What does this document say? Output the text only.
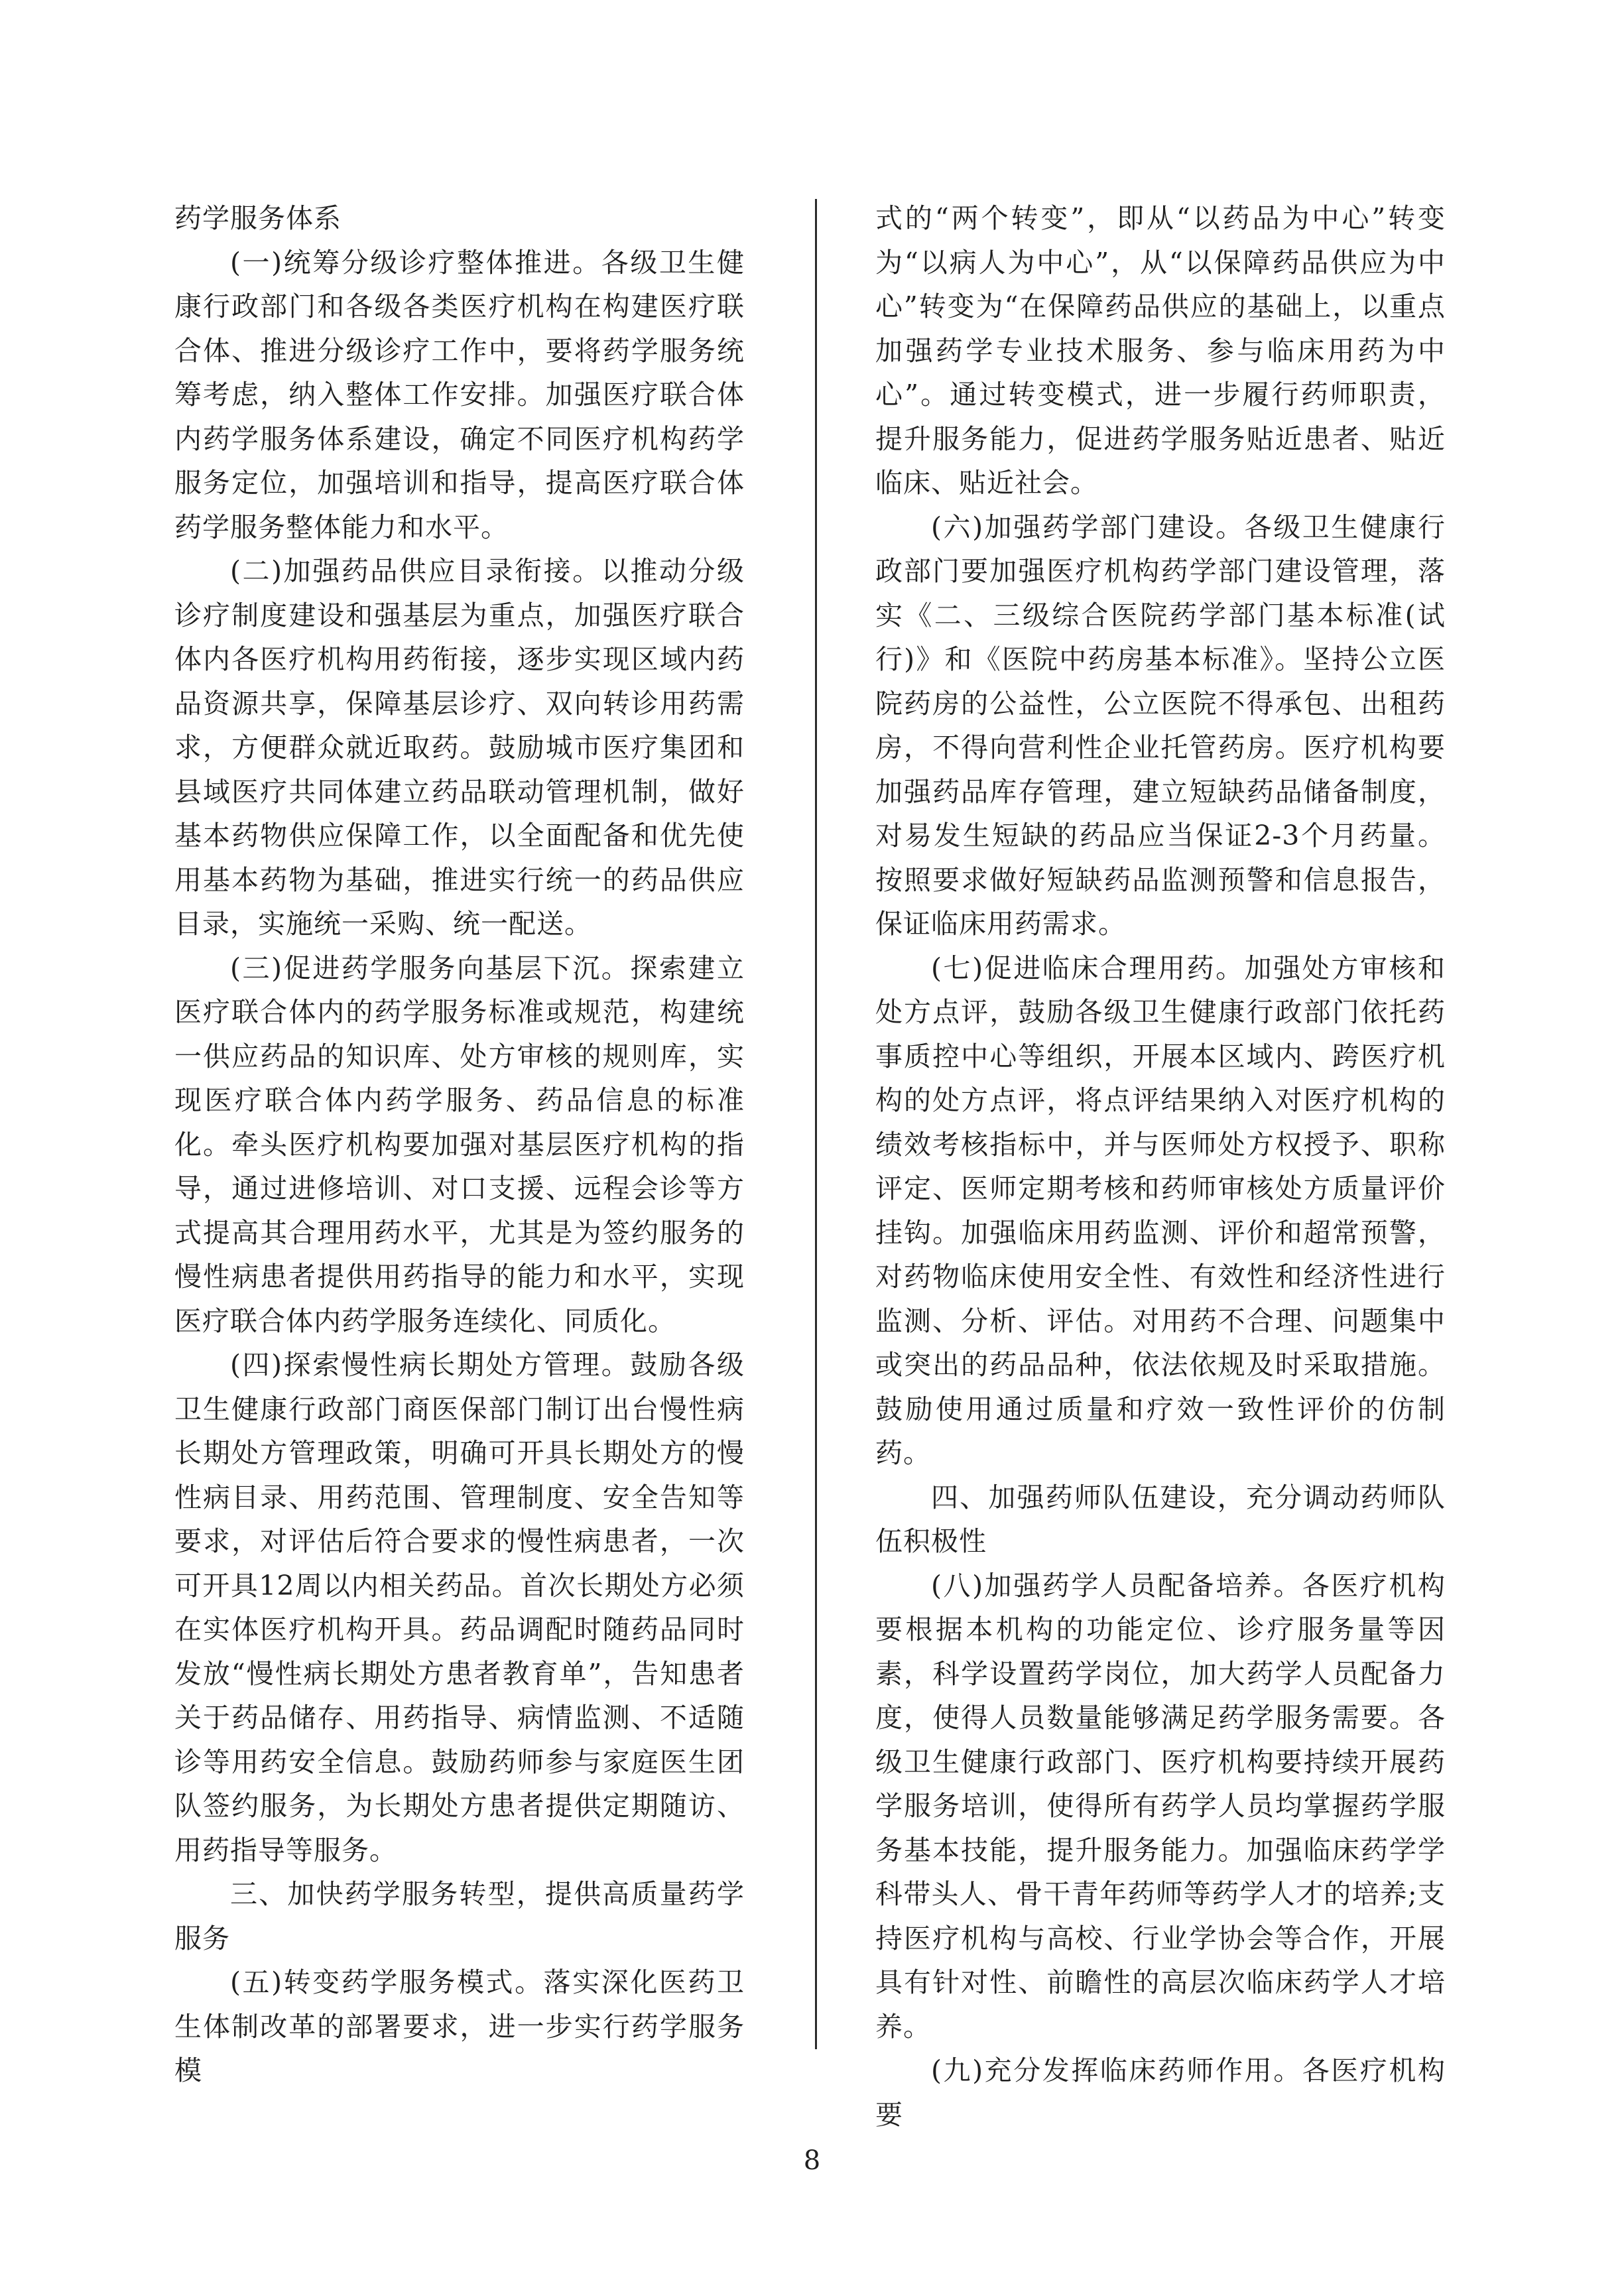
药学服务体系

(一)统筹分级诊疗整体推进。各级卫生健康行政部门和各级各类医疗机构在构建医疗联合体、推进分级诊疗工作中，要将药学服务统筹考虑，纳入整体工作安排。加强医疗联合体内药学服务体系建设，确定不同医疗机构药学服务定位，加强培训和指导，提高医疗联合体药学服务整体能力和水平。

(二)加强药品供应目录衔接。以推动分级诊疗制度建设和强基层为重点，加强医疗联合体内各医疗机构用药衔接，逐步实现区域内药品资源共享，保障基层诊疗、双向转诊用药需求，方便群众就近取药。鼓励城市医疗集团和县域医疗共同体建立药品联动管理机制，做好基本药物供应保障工作，以全面配备和优先使用基本药物为基础，推进实行统一的药品供应目录，实施统一采购、统一配送。

(三)促进药学服务向基层下沉。探索建立医疗联合体内的药学服务标准或规范，构建统一供应药品的知识库、处方审核的规则库，实现医疗联合体内药学服务、药品信息的标准化。牵头医疗机构要加强对基层医疗机构的指导，通过进修培训、对口支援、远程会诊等方式提高其合理用药水平，尤其是为签约服务的慢性病患者提供用药指导的能力和水平，实现医疗联合体内药学服务连续化、同质化。

(四)探索慢性病长期处方管理。鼓励各级卫生健康行政部门商医保部门制订出台慢性病长期处方管理政策，明确可开具长期处方的慢性病目录、用药范围、管理制度、安全告知等要求，对评估后符合要求的慢性病患者，一次可开具12周以内相关药品。首次长期处方必须在实体医疗机构开具。药品调配时随药品同时发放“慢性病长期处方患者教育单”，告知患者关于药品储存、用药指导、病情监测、不适随诊等用药安全信息。鼓励药师参与家庭医生团队签约服务，为长期处方患者提供定期随访、用药指导等服务。

三、加快药学服务转型，提供高质量药学服务

(五)转变药学服务模式。落实深化医药卫生体制改革的部署要求，进一步实行药学服务模

式的“两个转变”，即从“以药品为中心”转变为“以病人为中心”，从“以保障药品供应为中心”转变为“在保障药品供应的基础上，以重点加强药学专业技术服务、参与临床用药为中心”。通过转变模式，进一步履行药师职责，提升服务能力，促进药学服务贴近患者、贴近临床、贴近社会。

(六)加强药学部门建设。各级卫生健康行政部门要加强医疗机构药学部门建设管理，落实《二、三级综合医院药学部门基本标准(试行)》和《医院中药房基本标准》。坚持公立医院药房的公益性，公立医院不得承包、出租药房，不得向营利性企业托管药房。医疗机构要加强药品库存管理，建立短缺药品储备制度，对易发生短缺的药品应当保证2-3个月药量。按照要求做好短缺药品监测预警和信息报告，保证临床用药需求。

(七)促进临床合理用药。加强处方审核和处方点评，鼓励各级卫生健康行政部门依托药事质控中心等组织，开展本区域内、跨医疗机构的处方点评，将点评结果纳入对医疗机构的绩效考核指标中，并与医师处方权授予、职称评定、医师定期考核和药师审核处方质量评价挂钩。加强临床用药监测、评价和超常预警，对药物临床使用安全性、有效性和经济性进行监测、分析、评估。对用药不合理、问题集中或突出的药品品种，依法依规及时采取措施。鼓励使用通过质量和疗效一致性评价的仿制药。

四、加强药师队伍建设，充分调动药师队伍积极性

(八)加强药学人员配备培养。各医疗机构要根据本机构的功能定位、诊疗服务量等因素，科学设置药学岗位，加大药学人员配备力度，使得人员数量能够满足药学服务需要。各级卫生健康行政部门、医疗机构要持续开展药学服务培训，使得所有药学人员均掌握药学服务基本技能，提升服务能力。加强临床药学学科带头人、骨干青年药师等药学人才的培养;支持医疗机构与高校、行业学协会等合作，开展具有针对性、前瞻性的高层次临床药学人才培养。

(九)充分发挥临床药师作用。各医疗机构要

8
